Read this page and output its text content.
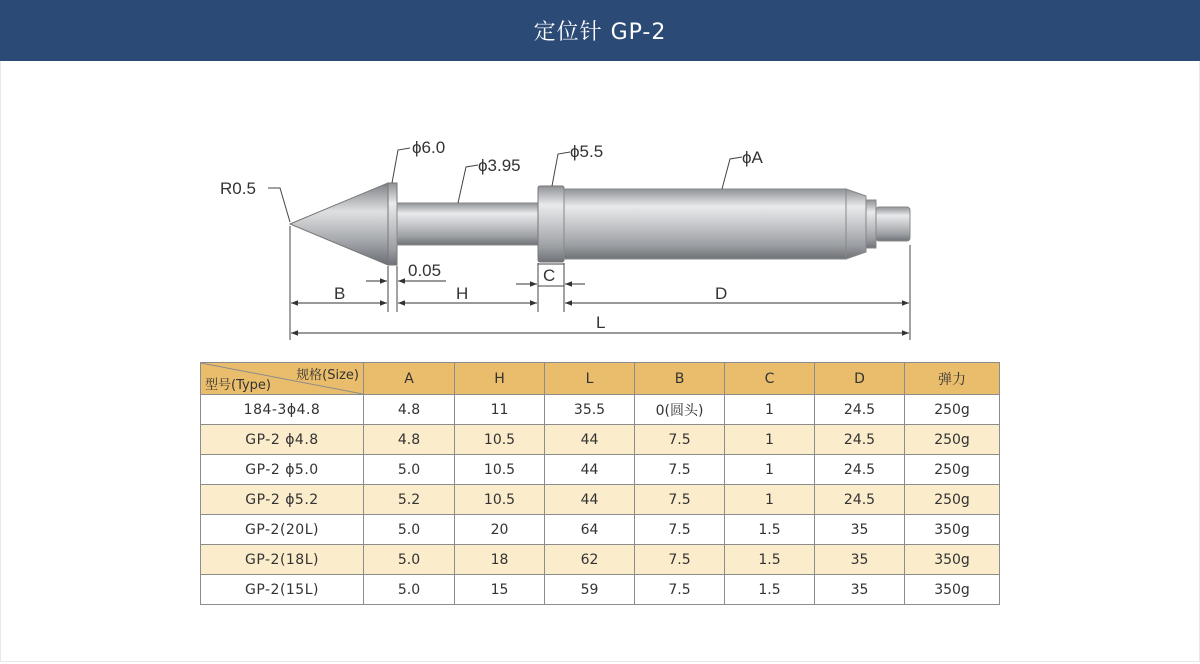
定位针 GP-2
R0.5
ϕ6.0
ϕ3.95
ϕ5.5	ϕA
0.05
B	H
C
D
L
规格(Size)
型号(Type)	A	H	L	B	C	D	弹力
184-3ϕ4.8	4.8	11	35.5	0(圆头)	1	24.5	250g
GP-2 ϕ4.8	4.8	10.5	44	7.5	1	24.5	250g
GP-2 ϕ5.0	5.0	10.5	44	7.5	1	24.5	250g
GP-2 ϕ5.2	5.2	10.5	44	7.5	1	24.5	250g
GP-2(20L)	5.0	20	64	7.5	1.5	35	350g
GP-2(18L)	5.0	18	62	7.5	1.5	35	350g
GP-2(15L)	5.0	15	59	7.5	1.5	35	350g
